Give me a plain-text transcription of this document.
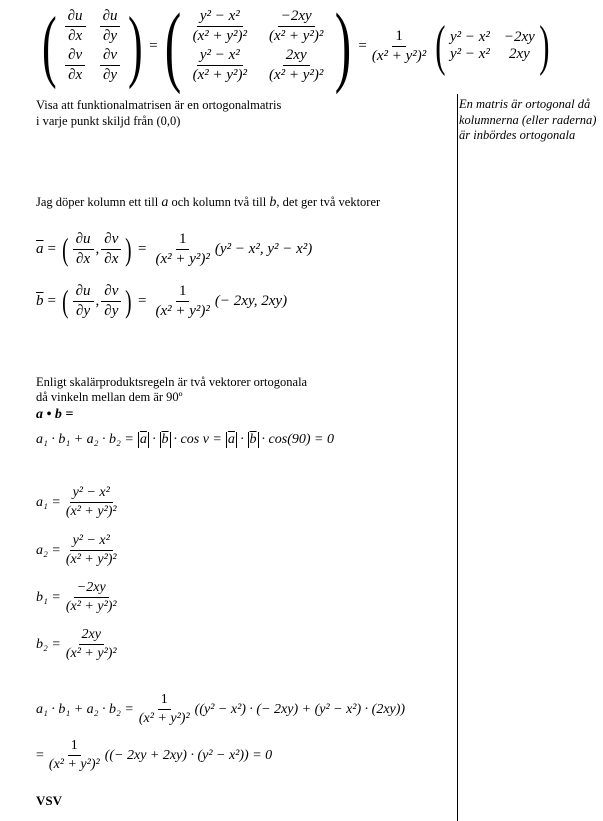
En matris är ortogonal då kolumnerna (eller raderna) är inbördes ortogonala
( $\frac{\partial u}{\partial x} \frac{\partial u}{\partial y}$
$\frac{\partial v}{\partial x} \frac{\partial v}{\partial y}$ ) = ( $\frac{\text{y² − x²}}{\text{(x² + y²)²}} \frac{-2xy}{\text{(x² + y²)²}}$
$\frac{\text{y² − x²}}{\text{(x² + y²)²}} \frac{2xy}{\text{(x² + y²)²}}$ ) = $\frac{1}{\text{(x² + y²)²}}$ ( y² − x² −2xy
y² − x²	2xy )
Visa att funktionalmatrisen är en ortogonalmatris
i varje punkt skiljd från (0,0)
Jag döper kolumn ett till a och kolumn två till b, det ger två vektorer
$\overline{a}$ = ( $\frac{\partial u}{\partial x}$ , $\frac{\partial v}{\partial x}$ ) = $\frac{1}{\text{(x² + y²)²}} (y^2 - x^2$, y² − x²)
$\overline{b}$ = ( $\frac{\partial u}{\partial y}$ , $\frac{\partial v}{\partial y}$ ) = $\frac{1}{\text{(x² + y²)²}}$ (− 2xy, 2xy)
Enligt skalärproduktsregeln är två vektorer ortogonala
då vinkeln mellan dem är 90º
a • b =
$a_1 \cdot b_1 + a_2 \cdot b_2 = \overline{a} \cdot \overline{b} \cdot \cos v = \overline{a} \cdot \overline{b} \cdot \cos(90) = 0$
$a_1 = \frac{\text{y² − x²}}{\text{(x² + y²)²}}$
$a_2 = \frac{\text{y² − x²}}{\text{(x² + y²)²}}$
$b_1 = \frac{-2xy}{\text{(x² + y²)²}}$
$b_2 = \frac{2xy}{\text{(x² + y²)²}}$
$a_1 \cdot b_1 + a_2 \cdot b_2 = \frac{1}{\text{(x² + y²)²}} ((y^2 - x^2)$ · (− 2xy) + (y² − x²) · (2xy))
= $\frac{1}{\text{(x² + y²)²}}$ ((− 2xy + 2xy) · (y² − x²)) = 0
VSV
